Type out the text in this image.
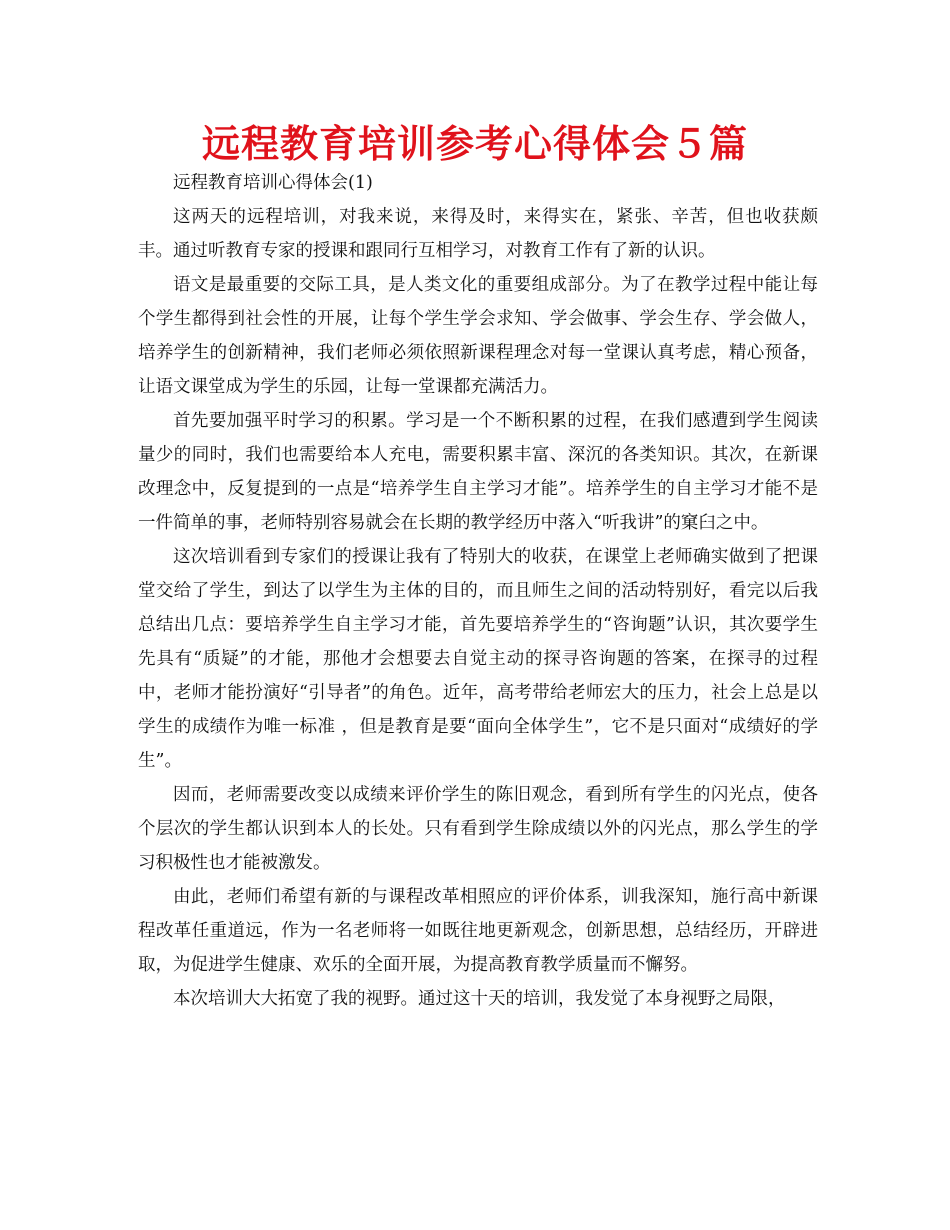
远程教育培训参考心得体会５篇

远程教育培训心得体会(1)

这两天的远程培训，对我来说，来得及时，来得实在，紧张、辛苦，但也收获颇丰。通过听教育专家的授课和跟同行互相学习，对教育工作有了新的认识。

语文是最重要的交际工具，是人类文化的重要组成部分。为了在教学过程中能让每个学生都得到社会性的开展，让每个学生学会求知、学会做事、学会生存、学会做人，培养学生的创新精神，我们老师必须依照新课程理念对每一堂课认真考虑，精心预备，让语文课堂成为学生的乐园，让每一堂课都充满活力。

首先要加强平时学习的积累。学习是一个不断积累的过程，在我们感遭到学生阅读量少的同时，我们也需要给本人充电，需要积累丰富、深沉的各类知识。其次，在新课改理念中，反复提到的一点是“培养学生自主学习才能”。培养学生的自主学习才能不是一件简单的事，老师特别容易就会在长期的教学经历中落入“听我讲”的窠臼之中。

这次培训看到专家们的授课让我有了特别大的收获，在课堂上老师确实做到了把课堂交给了学生，到达了以学生为主体的目的，而且师生之间的活动特别好，看完以后我总结出几点：要培养学生自主学习才能，首先要培养学生的“咨询题”认识，其次要学生先具有“质疑”的才能，那他才会想要去自觉主动的探寻咨询题的答案，在探寻的过程中，老师才能扮演好“引导者”的角色。近年，高考带给老师宏大的压力，社会上总是以学生的成绩作为唯一标准 ，但是教育是要“面向全体学生”，它不是只面对“成绩好的学生”。

因而，老师需要改变以成绩来评价学生的陈旧观念，看到所有学生的闪光点，使各个层次的学生都认识到本人的长处。只有看到学生除成绩以外的闪光点，那么学生的学习积极性也才能被激发。

由此，老师们希望有新的与课程改革相照应的评价体系，训我深知，施行高中新课程改革任重道远，作为一名老师将一如既往地更新观念，创新思想，总结经历，开辟进取，为促进学生健康、欢乐的全面开展，为提高教育教学质量而不懈努。

本次培训大大拓宽了我的视野。通过这十天的培训，我发觉了本身视野之局限，
